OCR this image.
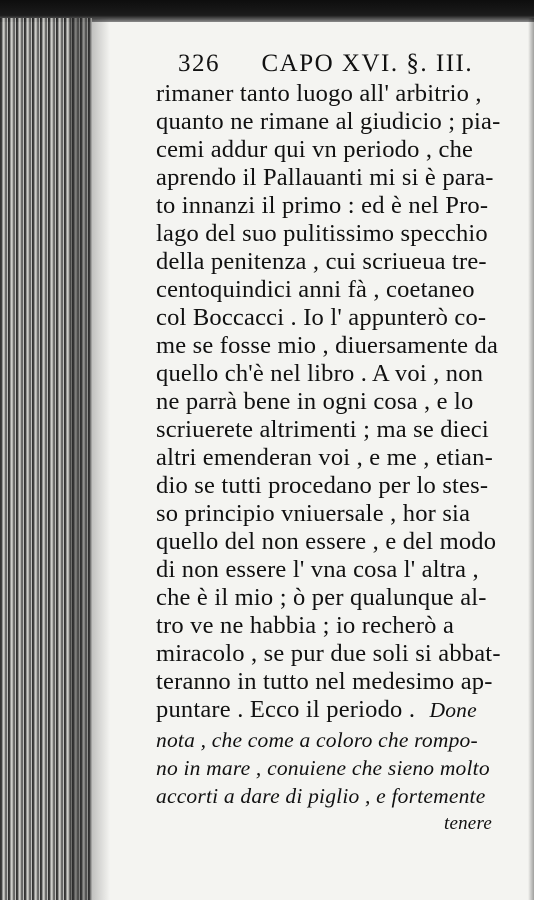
326 CAPO XVI. §. III.
rimaner tanto luogo all' arbitrio ,
quanto ne rimane al giudicio ; pia-
cemi addur qui vn periodo , che
aprendo il Pallauanti mi si è para-
to innanzi il primo : ed è nel Pro-
lago del suo pulitissimo specchio
della penitenza , cui scriueua tre-
centoquindici anni fà , coetaneo
col Boccacci . Io l' appunterò co-
me se fosse mio , diuersamente da
quello ch'è nel libro . A voi , non
ne parrà bene in ogni cosa , e lo
scriuerete altrimenti ; ma se dieci
altri emenderan voi , e me , etian-
dio se tutti procedano per lo stes-
so principio vniuersale , hor sia
quello del non essere , e del modo
di non essere l' vna cosa l' altra ,
che è il mio ; ò per qualunque al-
tro ve ne habbia ; io recherò a
miracolo , se pur due soli si abbat-
teranno in tutto nel medesimo ap-
puntare . Ecco il periodo . Done
nota , che come a coloro che rompo-
no in mare , conuiene che sieno molto
accorti a dare di piglio , e fortemente
tenere
